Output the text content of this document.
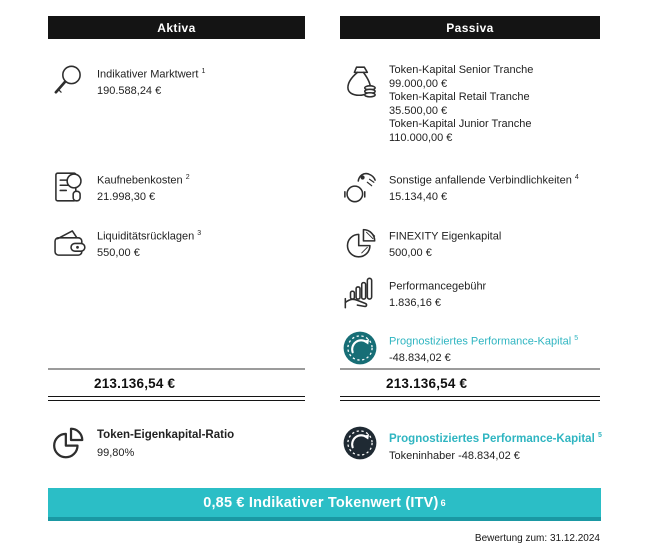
Aktiva
Indikativer Marktwert $^1$
190.588,24 €
Kaufnebenkosten $^2$
21.998,30 €
Liquiditätsrücklagen $^3$
550,00 €
213.136,54 €
Passiva
Token-Kapital Senior Tranche
99.000,00 €
Token-Kapital Retail Tranche
35.500,00 €
Token-Kapital Junior Tranche
110.000,00 €
Sonstige anfallende Verbindlichkeiten $^4$
15.134,40 €
FINEXITY Eigenkapital
500,00 €
Performancegebühr
1.836,16 €
Prognostiziertes Performance-Kapital $^5$
-48.834,02 €
213.136,54 €
Token-Eigenkapital-Ratio
99,80%
Prognostiziertes Performance-Kapital $^5$
Tokeninhaber -48.834,02 €
0,85 € Indikativer Tokenwert (ITV) 6
Bewertung zum: 31.12.2024
